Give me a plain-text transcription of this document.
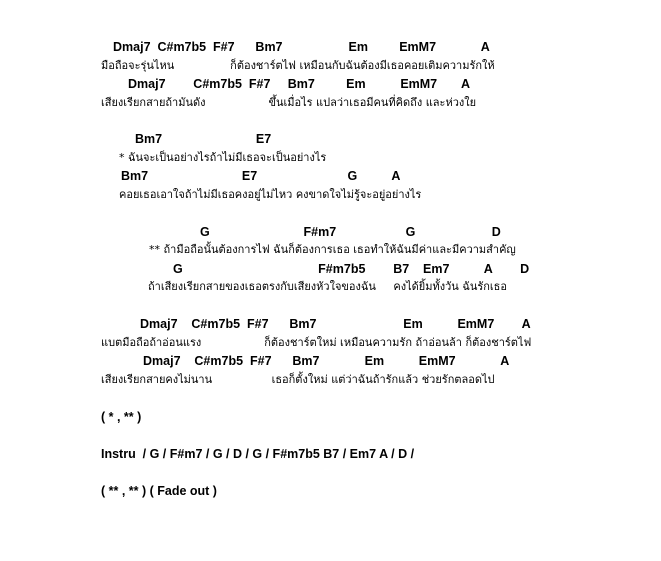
Dmaj7  C#m7b5  F#7      Bm7                   Em         EmM7             A
มือถือจะรุ่นไหน                ก็ต้องชาร์ตไฟ เหมือนกับฉันต้องมีเธอคอยเติมความรักให้
Dmaj7        C#m7b5  F#7     Bm7         Em          EmM7       A
เสียงเรียกสายถ้ามันดัง                  ขึ้นเมื่อไร แปลว่าเธอมีคนที่คิดถึง และห่วงใย
Bm7                           E7
* ฉันจะเป็นอย่างไรถ้าไม่มีเธอจะเป็นอย่างไร
Bm7                           E7                          G          A
คอยเธอเอาใจถ้าไม่มีเธอคงอยู่ไม่ไหว คงขาดใจไม่รู้จะอยู่อย่างไร
G                           F#m7                    G                      D
** ถ้ามือถือนั้นต้องการไฟ ฉันก็ต้องการเธอ เธอทำให้ฉันมีค่าและมีความสำคัญ
G                                       F#m7b5        B7    Em7          A        D
ถ้าเสียงเรียกสายของเธอตรงกับเสียงหัวใจของฉัน     คงได้ยิ้มทั้งวัน ฉันรักเธอ
Dmaj7    C#m7b5  F#7      Bm7                         Em          EmM7        A
แบตมือถือถ้าอ่อนแรง                  ก็ต้องชาร์ตใหม่ เหมือนความรัก ถ้าอ่อนล้า ก็ต้องชาร์ตไฟ
Dmaj7    C#m7b5  F#7      Bm7             Em          EmM7             A
เสียงเรียกสายคงไม่นาน                 เธอก็ตั้งใหม่ แต่ว่าฉันถ้ารักแล้ว ช่วยรักตลอดไป
( * , ** )
Instru  / G / F#m7 / G / D / G / F#m7b5 B7 / Em7 A / D /
( ** , ** ) ( Fade out )
